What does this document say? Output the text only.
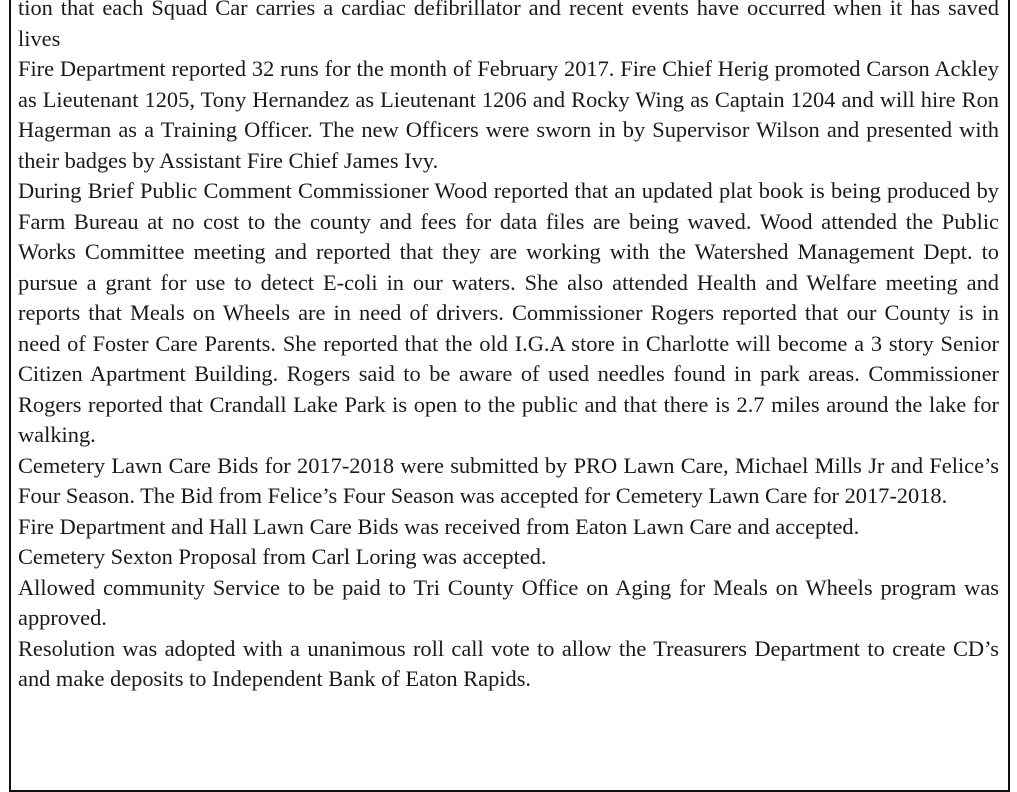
tion that each Squad Car carries a cardiac defibrillator and recent events have occurred when it has saved lives

Fire Department reported 32 runs for the month of February 2017. Fire Chief Herig promoted Carson Ackley as Lieutenant 1205, Tony Hernandez as Lieutenant 1206 and Rocky Wing as Captain 1204 and will hire Ron Hagerman as a Training Officer. The new Officers were sworn in by Supervisor Wilson and presented with their badges by Assistant Fire Chief James Ivy.

During Brief Public Comment Commissioner Wood reported that an updated plat book is being produced by Farm Bureau at no cost to the county and fees for data files are being waved. Wood attended the Public Works Committee meeting and reported that they are working with the Watershed Management Dept. to pursue a grant for use to detect E-coli in our waters. She also attended Health and Welfare meeting and reports that Meals on Wheels are in need of drivers. Commissioner Rogers reported that our County is in need of Foster Care Parents. She reported that the old I.G.A store in Charlotte will become a 3 story Senior Citizen Apartment Building. Rogers said to be aware of used needles found in park areas. Commissioner Rogers reported that Crandall Lake Park is open to the public and that there is 2.7 miles around the lake for walking.

Cemetery Lawn Care Bids for 2017-2018 were submitted by PRO Lawn Care, Michael Mills Jr and Felice’s Four Season. The Bid from Felice’s Four Season was accepted for Cemetery Lawn Care for 2017-2018.

Fire Department and Hall Lawn Care Bids was received from Eaton Lawn Care and accepted.

Cemetery Sexton Proposal from Carl Loring was accepted.

Allowed community Service to be paid to Tri County Office on Aging for Meals on Wheels program was approved.

Resolution was adopted with a unanimous roll call vote to allow the Treasurers Department to create CD’s and make deposits to Independent Bank of Eaton Rapids.
